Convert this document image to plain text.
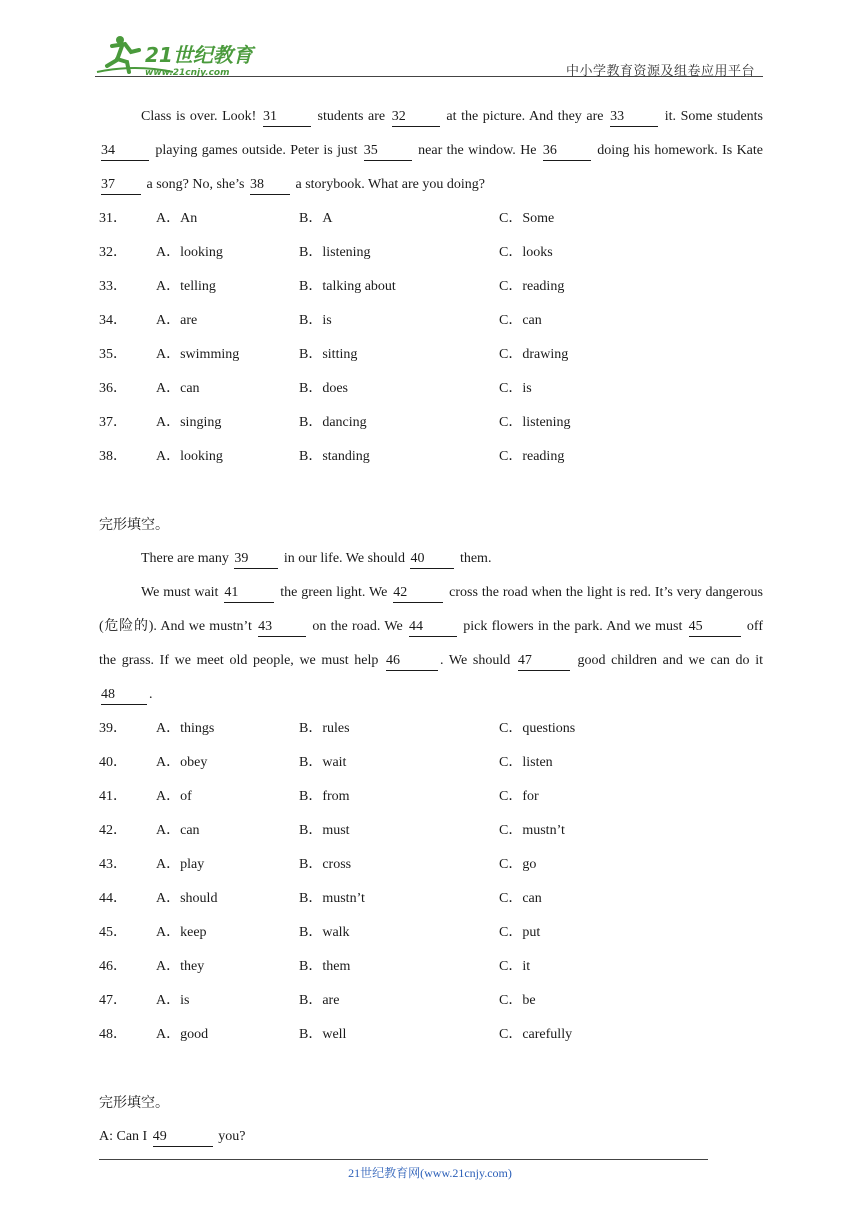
21世纪教育
www.21cnjy.com	中小学教育资源及组卷应用平台
Class is over. Look! 31	students are 32	at the picture. And they are 33	it. Some students 34	playing games outside. Peter is just 35	near the window. He 36	doing his homework. Is Kate 37 a song? No, she’s 38 a storybook. What are you doing?
31．	A．An	B．A	C．Some
32．	A．looking	B．listening	C．looks
33．	A．telling	B．talking about	C．reading
34．	A．are	B．is	C．can
35．	A．swimming	B．sitting	C．drawing
36．	A．can	B．does	C．is
37．	A．singing	B．dancing	C．listening
38．	A．looking	B．standing	C．reading
完形填空。
There are many 39 in our life. We should 40 them.
We must wait 41	the green light. We 42	cross the road when the light is red. It’s very dangerous (危险的). And we mustn’t 43	on the road. We 44	pick flowers in the park. And we must 45	off the grass. If we meet old people, we must help 46	. We should 47	good children and we can do it 48 .
39．	A．things	B．rules	C．questions
40．	A．obey	B．wait	C．listen
41．	A．of	B．from	C．for
42．	A．can	B．must	C．mustn’t
43．	A．play	B．cross	C．go
44．	A．should	B．mustn’t	C．can
45．	A．keep	B．walk	C．put
46．	A．they	B．them	C．it
47．	A．is	B．are	C．be
48．	A．good	B．well	C．carefully
完形填空。
A: Can I 49	you?
21世纪教育网(www.21cnjy.com)
